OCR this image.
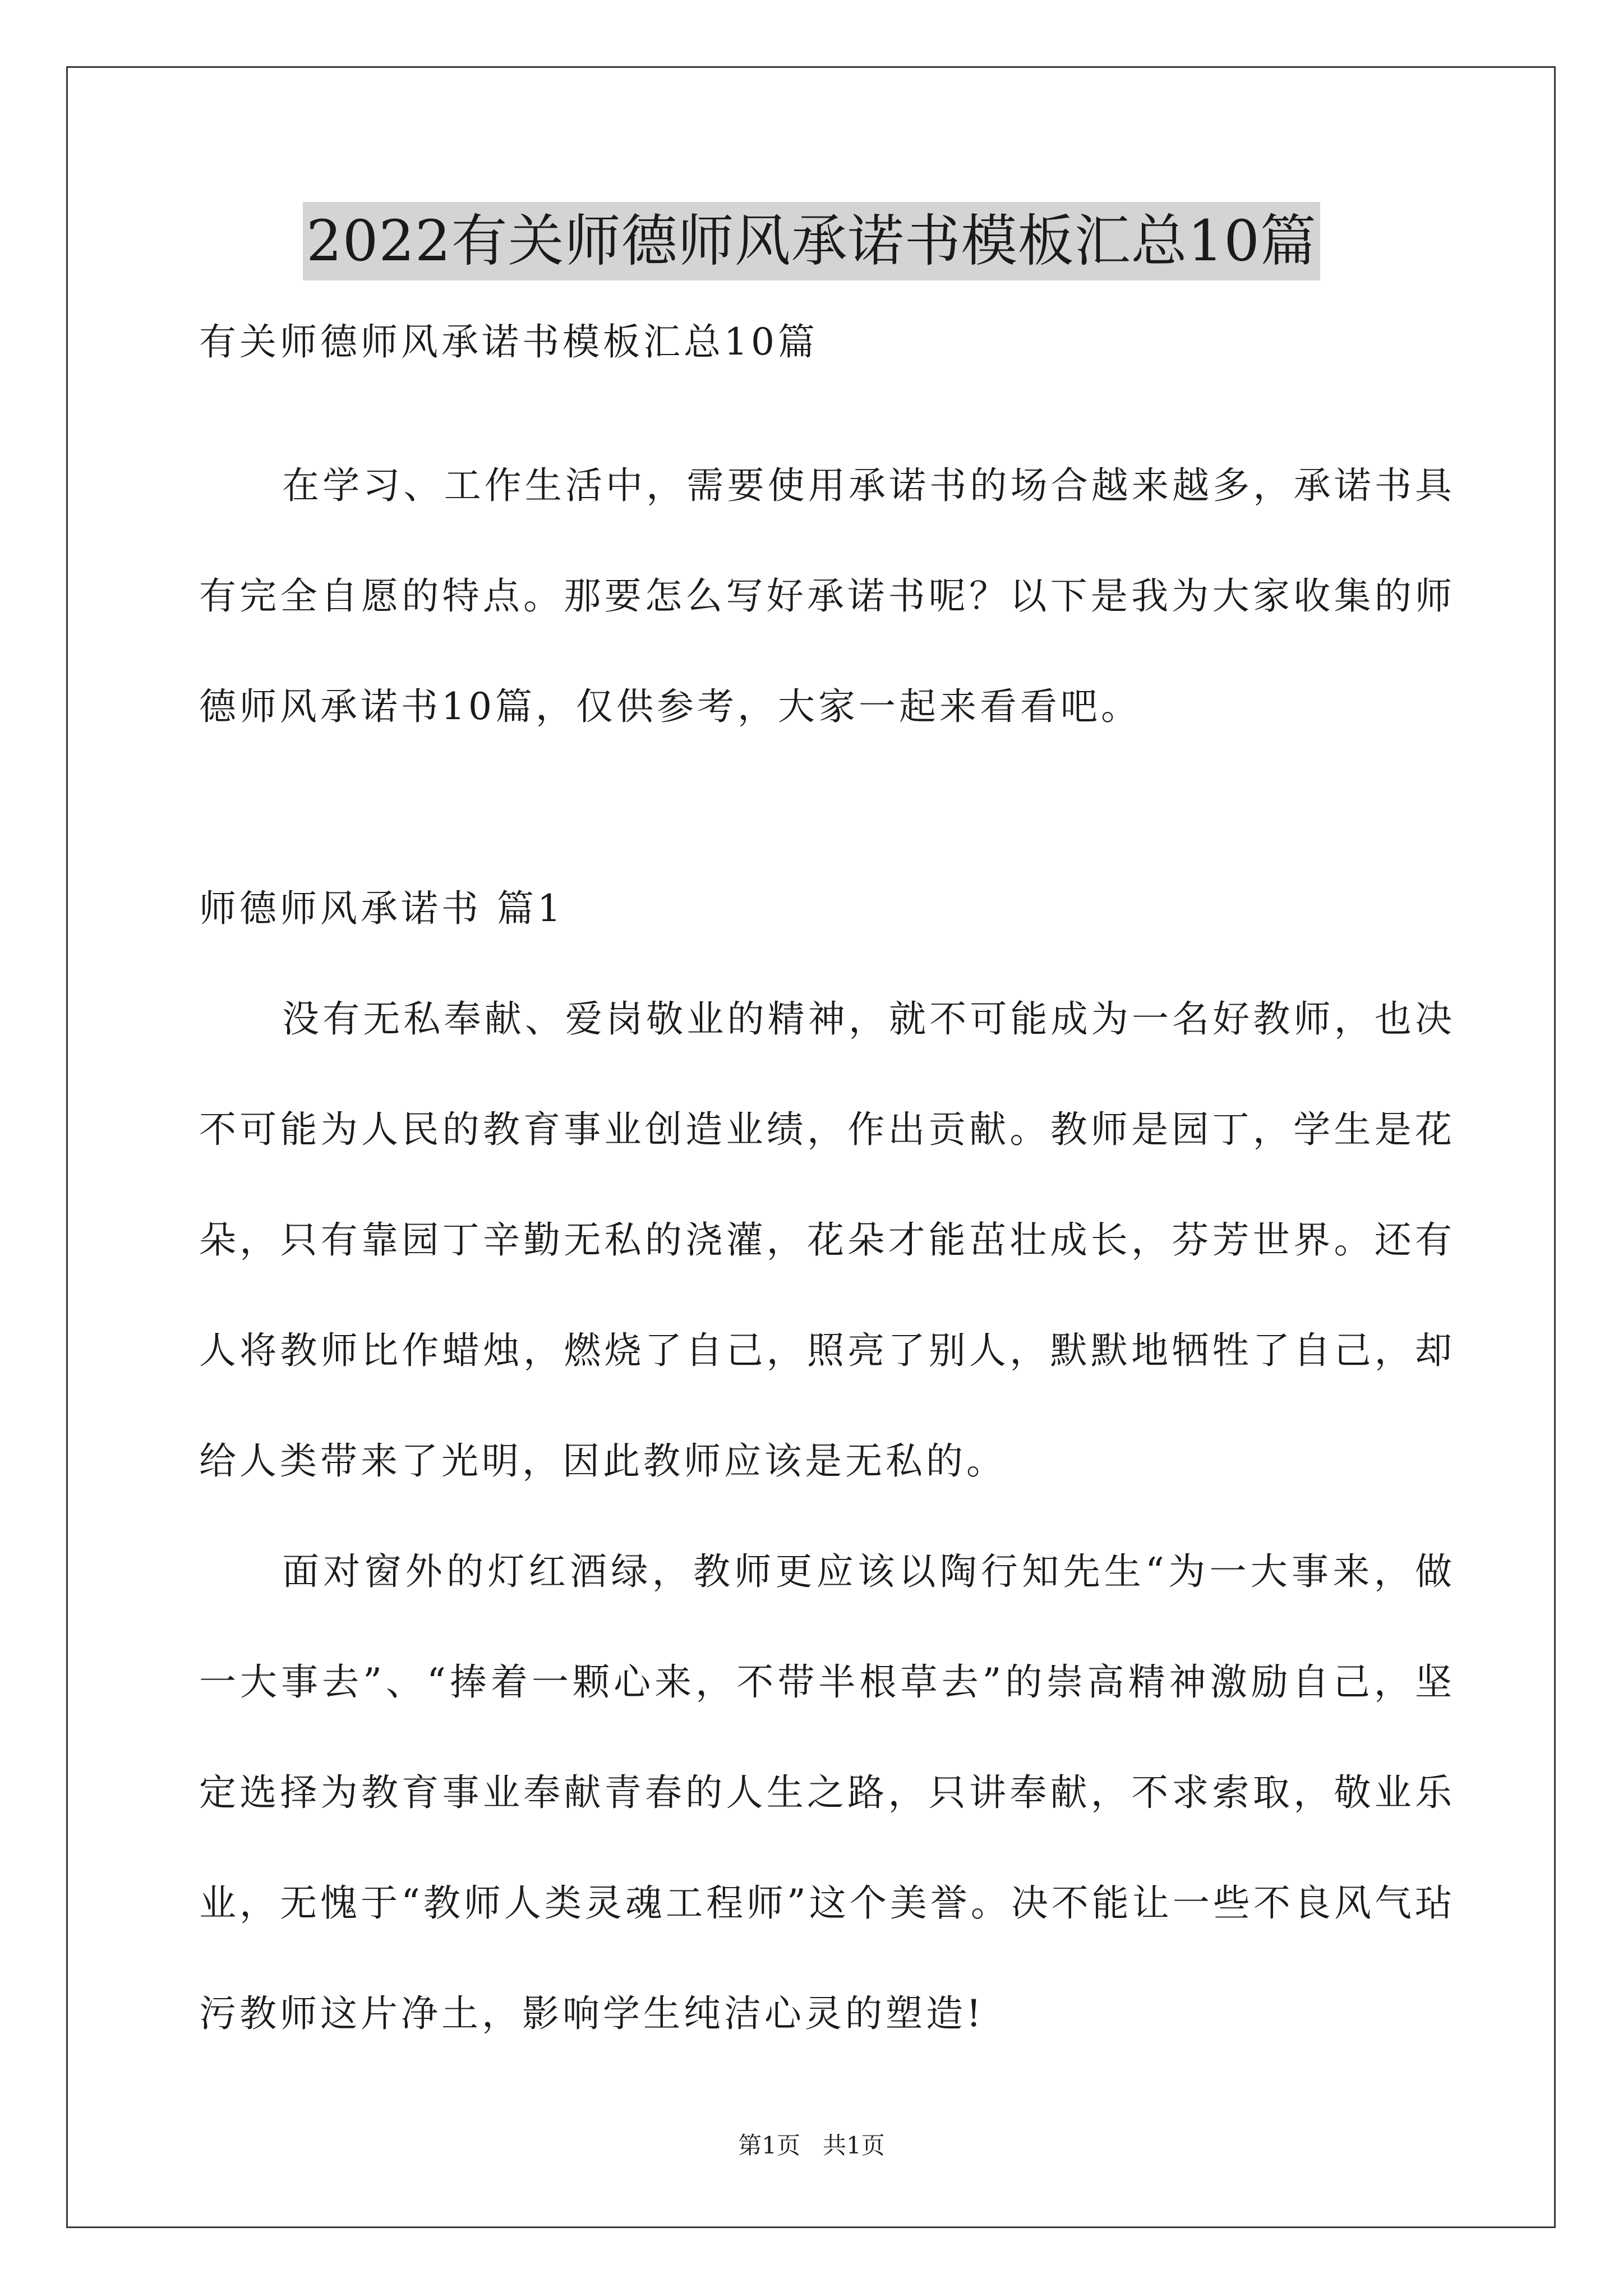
2022有关师德师风承诺书模板汇总10篇
有关师德师风承诺书模板汇总10篇

在学习、工作生活中，需要使用承诺书的场合越来越多，承诺书具有完全自愿的特点。那要怎么写好承诺书呢？以下是我为大家收集的师德师风承诺书10篇，仅供参考，大家一起来看看吧。

师德师风承诺书 篇1

没有无私奉献、爱岗敬业的精神，就不可能成为一名好教师，也决不可能为人民的教育事业创造业绩，作出贡献。教师是园丁，学生是花朵，只有靠园丁辛勤无私的浇灌，花朵才能茁壮成长，芬芳世界。还有人将教师比作蜡烛，燃烧了自己，照亮了别人，默默地牺牲了自己，却给人类带来了光明，因此教师应该是无私的。

面对窗外的灯红酒绿，教师更应该以陶行知先生“为一大事来，做一大事去”、“捧着一颗心来，不带半根草去”的崇高精神激励自己，坚定选择为教育事业奉献青春的人生之路，只讲奉献，不求索取，敬业乐业，无愧于“教师人类灵魂工程师”这个美誉。决不能让一些不良风气玷污教师这片净土，影响学生纯洁心灵的塑造!

第1页 共1页
